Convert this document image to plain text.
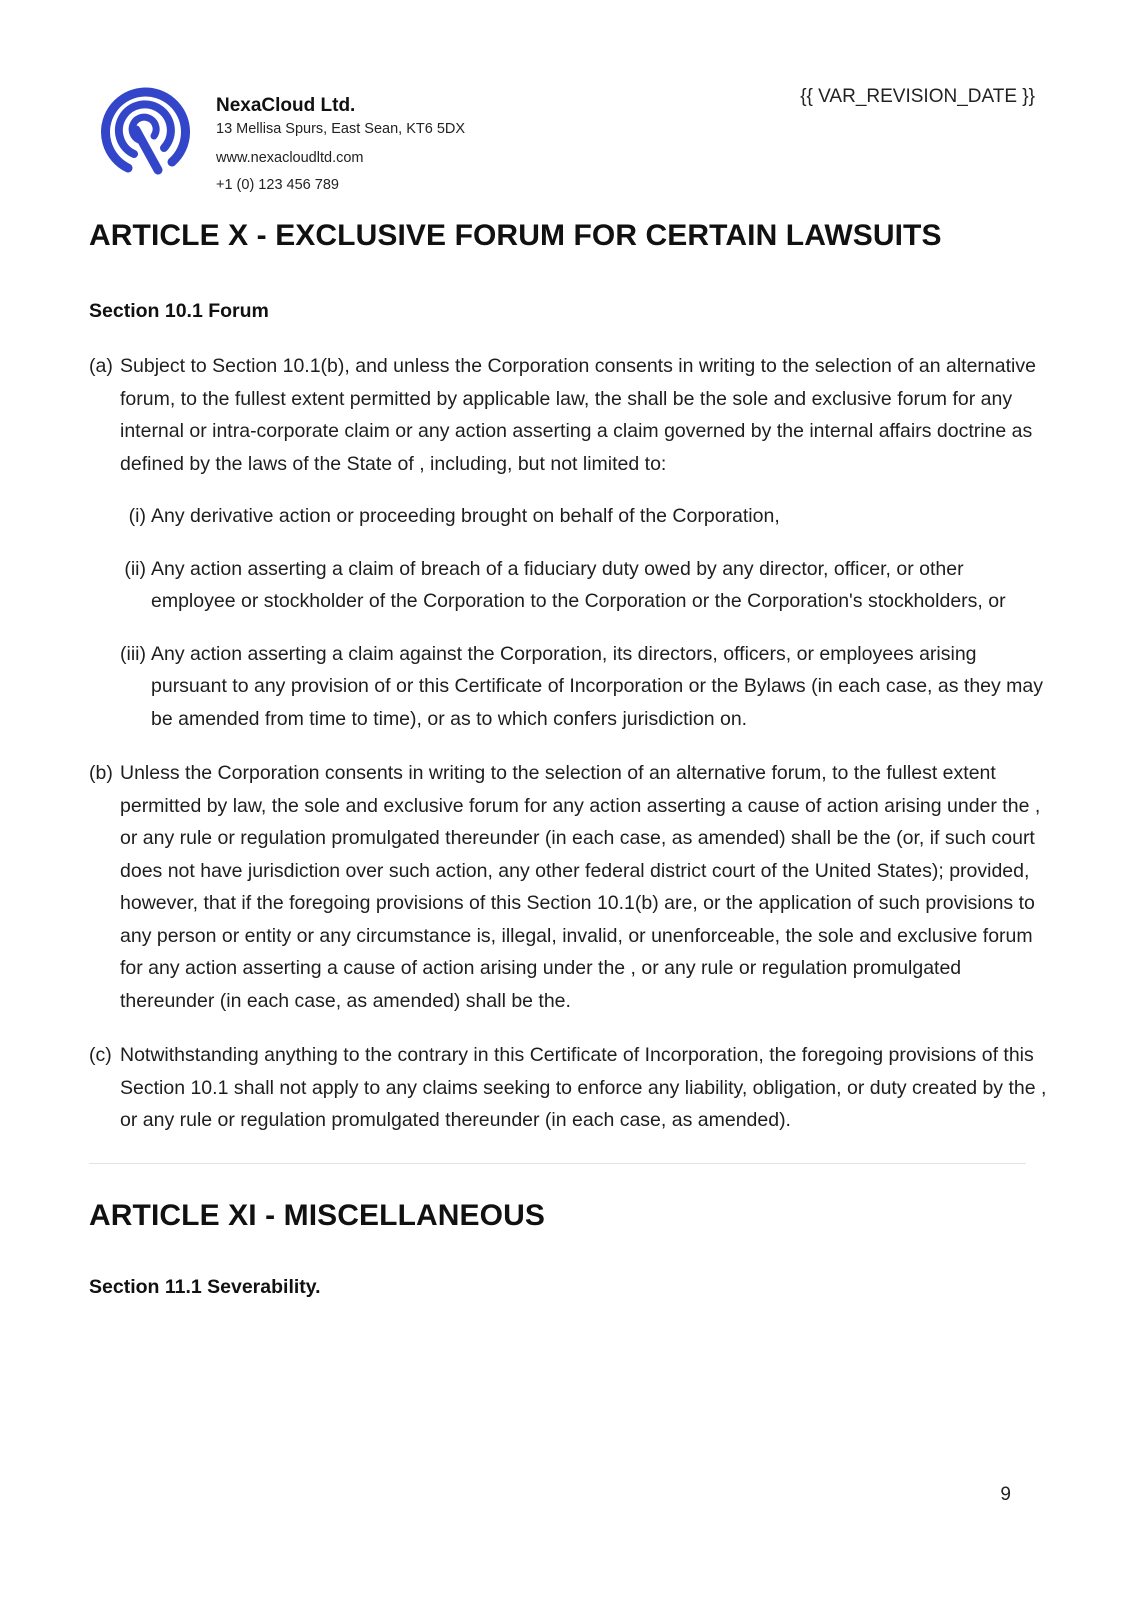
NexaCloud Ltd.
13 Mellisa Spurs, East Sean, KT6 5DX
www.nexacloudltd.com
+1 (0) 123 456 789
{{ VAR_REVISION_DATE }}
ARTICLE X - EXCLUSIVE FORUM FOR CERTAIN LAWSUITS
Section 10.1 Forum
(a) Subject to Section 10.1(b), and unless the Corporation consents in writing to the selection of an alternative forum, to the fullest extent permitted by applicable law, the shall be the sole and exclusive forum for any internal or intra-corporate claim or any action asserting a claim governed by the internal affairs doctrine as defined by the laws of the State of , including, but not limited to:
(i) Any derivative action or proceeding brought on behalf of the Corporation,
(ii) Any action asserting a claim of breach of a fiduciary duty owed by any director, officer, or other employee or stockholder of the Corporation to the Corporation or the Corporation's stockholders, or
(iii) Any action asserting a claim against the Corporation, its directors, officers, or employees arising pursuant to any provision of or this Certificate of Incorporation or the Bylaws (in each case, as they may be amended from time to time), or as to which confers jurisdiction on.
(b) Unless the Corporation consents in writing to the selection of an alternative forum, to the fullest extent permitted by law, the sole and exclusive forum for any action asserting a cause of action arising under the , or any rule or regulation promulgated thereunder (in each case, as amended) shall be the (or, if such court does not have jurisdiction over such action, any other federal district court of the United States); provided, however, that if the foregoing provisions of this Section 10.1(b) are, or the application of such provisions to any person or entity or any circumstance is, illegal, invalid, or unenforceable, the sole and exclusive forum for any action asserting a cause of action arising under the , or any rule or regulation promulgated thereunder (in each case, as amended) shall be the.
(c) Notwithstanding anything to the contrary in this Certificate of Incorporation, the foregoing provisions of this Section 10.1 shall not apply to any claims seeking to enforce any liability, obligation, or duty created by the , or any rule or regulation promulgated thereunder (in each case, as amended).
ARTICLE XI - MISCELLANEOUS
Section 11.1 Severability.
9
